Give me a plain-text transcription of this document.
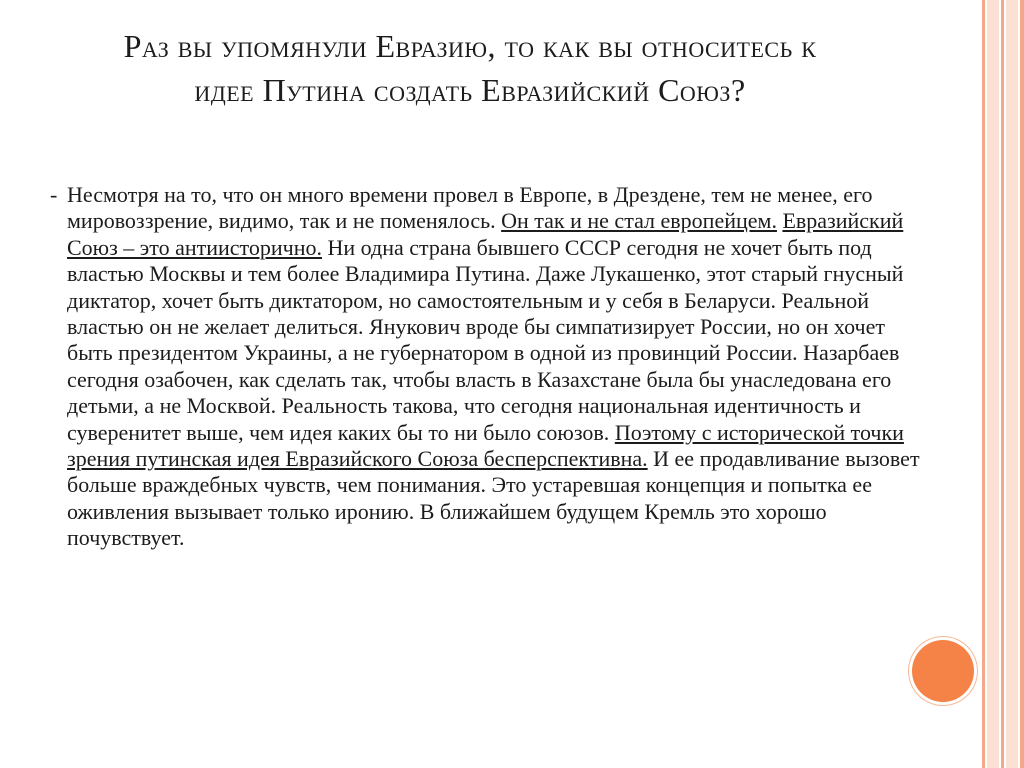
Раз вы упомянули Евразию, то как вы относитесь к идее Путина создать Евразийский Союз?
- Несмотря на то, что он много времени провел в Европе, в Дрездене, тем не менее, его мировоззрение, видимо, так и не поменялось. Он так и не стал европейцем. Евразийский Союз – это антиисторично. Ни одна страна бывшего СССР сегодня не хочет быть под властью Москвы и тем более Владимира Путина. Даже Лукашенко, этот старый гнусный диктатор, хочет быть диктатором, но самостоятельным и у себя в Беларуси. Реальной властью он не желает делиться. Янукович вроде бы симпатизирует России, но он хочет быть президентом Украины, а не губернатором в одной из провинций России. Назарбаев сегодня озабочен, как сделать так, чтобы власть в Казахстане была бы унаследована его детьми, а не Москвой. Реальность такова, что сегодня национальная идентичность и суверенитет выше, чем идея каких бы то ни было союзов. Поэтому с исторической точки зрения путинская идея Евразийского Союза бесперспективна. И ее продавливание вызовет больше враждебных чувств, чем понимания. Это устаревшая концепция и попытка ее оживления вызывает только иронию. В ближайшем будущем Кремль это хорошо почувствует.
